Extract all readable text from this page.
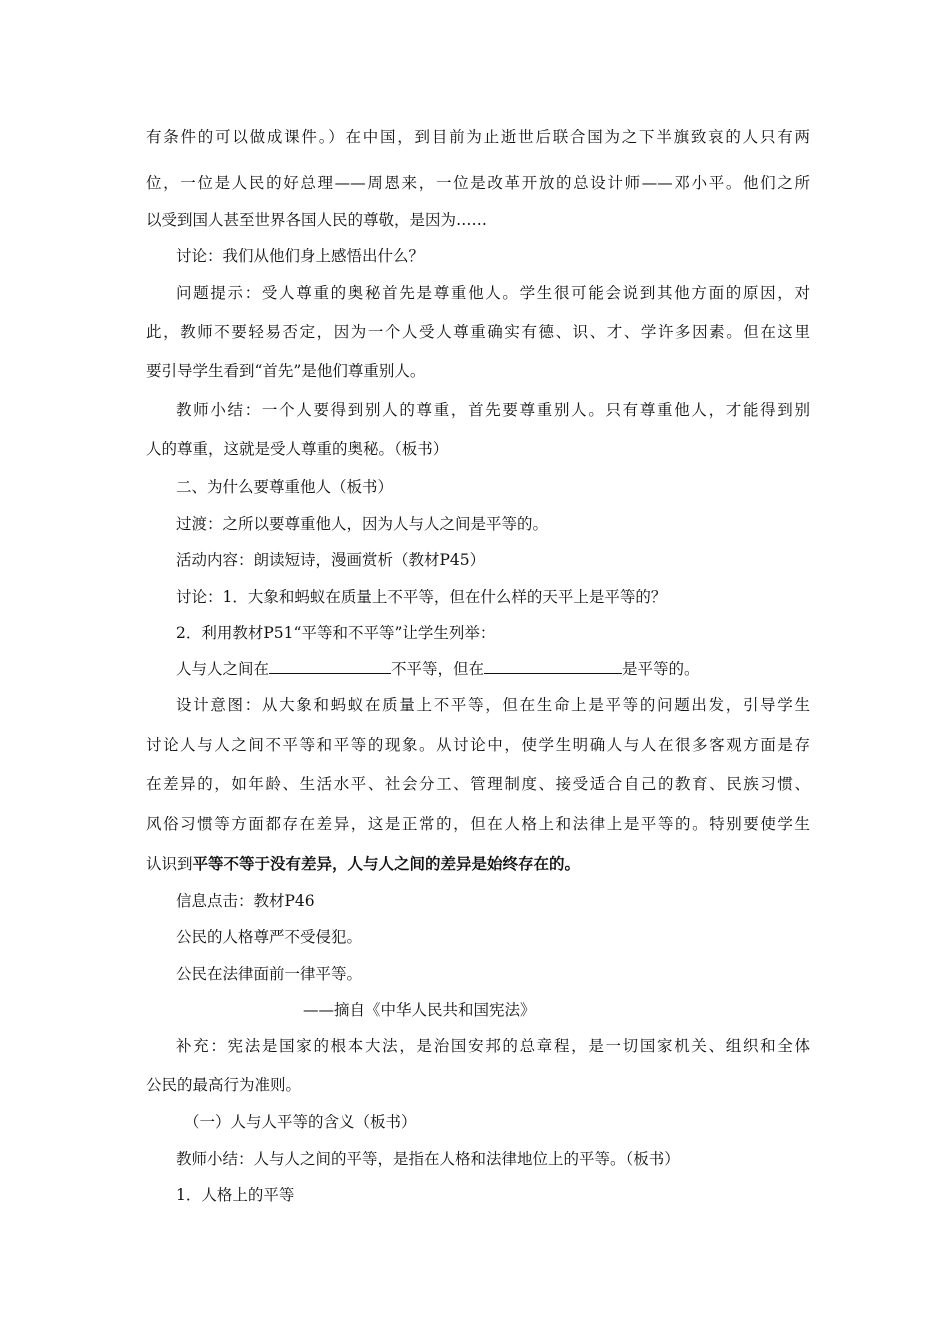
有条件的可以做成课件。）在中国，到目前为止逝世后联合国为之下半旗致哀的人只有两
位，一位是人民的好总理——周恩来，一位是改革开放的总设计师——邓小平。他们之所
以受到国人甚至世界各国人民的尊敬，是因为……
讨论：我们从他们身上感悟出什么？
问题提示：受人尊重的奥秘首先是尊重他人。学生很可能会说到其他方面的原因，对
此，教师不要轻易否定，因为一个人受人尊重确实有德、识、才、学许多因素。但在这里
要引导学生看到“首先”是他们尊重别人。
教师小结：一个人要得到别人的尊重，首先要尊重别人。只有尊重他人，才能得到别
人的尊重，这就是受人尊重的奥秘。（板书）
二、为什么要尊重他人（板书）
过渡：之所以要尊重他人，因为人与人之间是平等的。
活动内容：朗读短诗，漫画赏析（教材P45）
讨论：1．大象和蚂蚁在质量上不平等，但在什么样的天平上是平等的？
2．利用教材P51“平等和不平等”让学生列举：
人与人之间在	不平等，但在	是平等的。
设计意图：从大象和蚂蚁在质量上不平等，但在生命上是平等的问题出发，引导学生
讨论人与人之间不平等和平等的现象。从讨论中，使学生明确人与人在很多客观方面是存
在差异的，如年龄、生活水平、社会分工、管理制度、接受适合自己的教育、民族习惯、
风俗习惯等方面都存在差异，这是正常的，但在人格上和法律上是平等的。特别要使学生
认识到平等不等于没有差异，人与人之间的差异是始终存在的。
信息点击：教材P46
公民的人格尊严不受侵犯。
公民在法律面前一律平等。
——摘自《中华人民共和国宪法》
补充：宪法是国家的根本大法，是治国安邦的总章程，是一切国家机关、组织和全体
公民的最高行为准则。
（一）人与人平等的含义（板书）
教师小结：人与人之间的平等，是指在人格和法律地位上的平等。（板书）
1．人格上的平等
